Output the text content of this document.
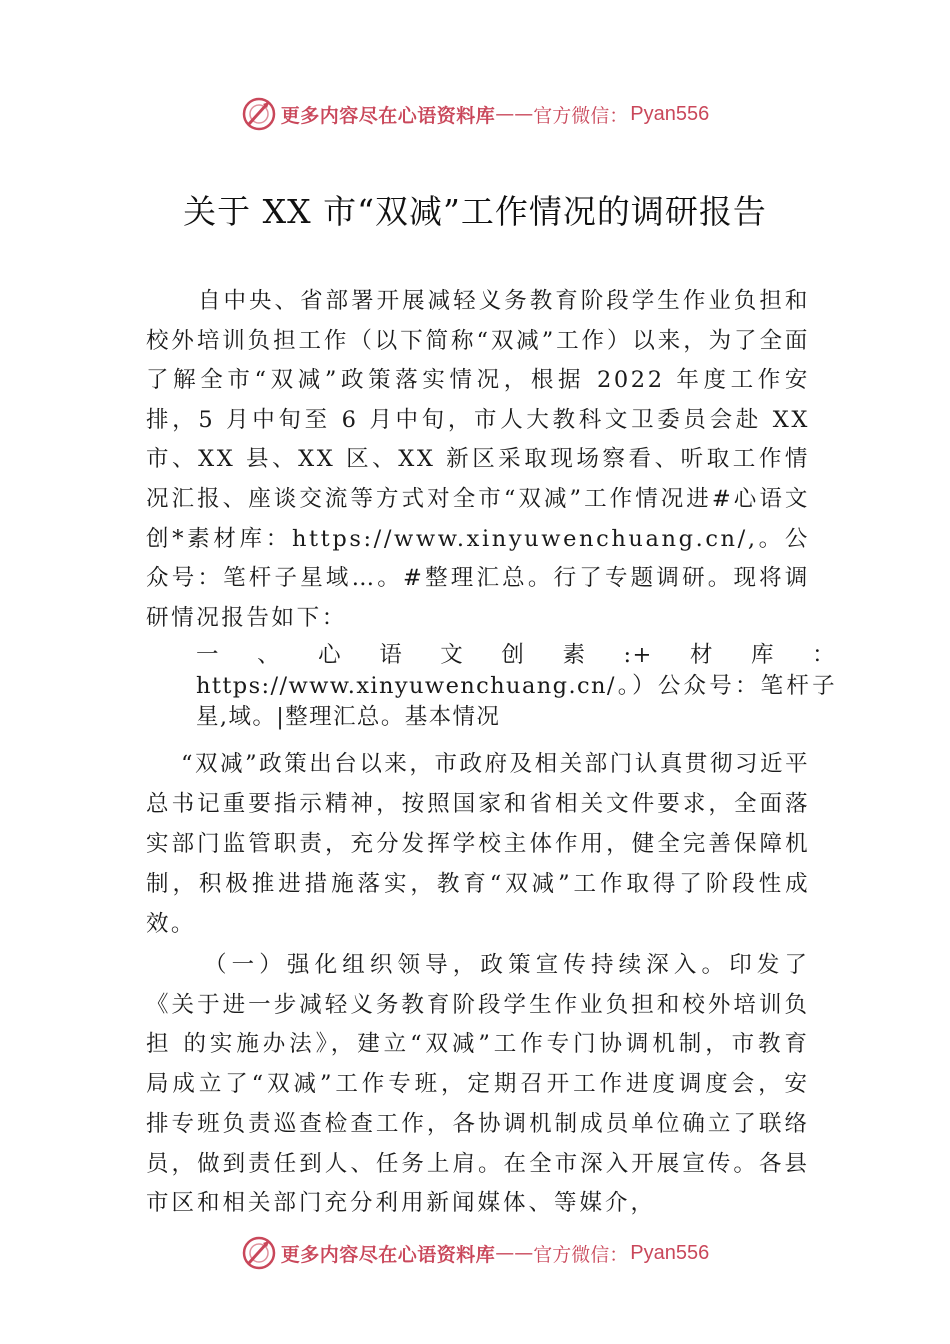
更多内容尽在心语资料库 —— 官方微信： Pyan556
关于 XX 市“双减”工作情况的调研报告
自中央、省部署开展减轻义务教育阶段学生作业负担和校外培训负担工作（以下简称“双减”工作）以来，为了全面了解全市“双减”政策落实情况，根据 2022 年度工作安排，5 月中旬至 6 月中旬，市人大教科文卫委员会赴 XX 市、XX 县、XX 区、XX 新区采取现场察看、听取工作情况汇报、座谈交流等方式对全市“双减”工作情况进#心语文创*素材库：https://www.xinyuwenchuang.cn/,。公众号：笔杆子星域…。#整理汇总。行了专题调研。现将调研情况报告如下：
一、心语文创素:+材库：https://www.xinyuwenchuang.cn/。）公众号：笔杆子星,域。|整理汇总。基本情况
“双减”政策出台以来，市政府及相关部门认真贯彻习近平总书记重要指示精神，按照国家和省相关文件要求，全面落实部门监管职责，充分发挥学校主体作用，健全完善保障机制，积极推进措施落实，教育“双减”工作取得了阶段性成效。
（一）强化组织领导，政策宣传持续深入。印发了《关于进一步减轻义务教育阶段学生作业负担和校外培训负担 的实施办法》，建立“双减”工作专门协调机制，市教育局成立了“双减”工作专班，定期召开工作进度调度会，安排专班负责巡查检查工作，各协调机制成员单位确立了联络员，做到责任到人、任务上肩。在全市深入开展宣传。各县市区和相关部门充分利用新闻媒体、等媒介，
更多内容尽在心语资料库 —— 官方微信： Pyan556
